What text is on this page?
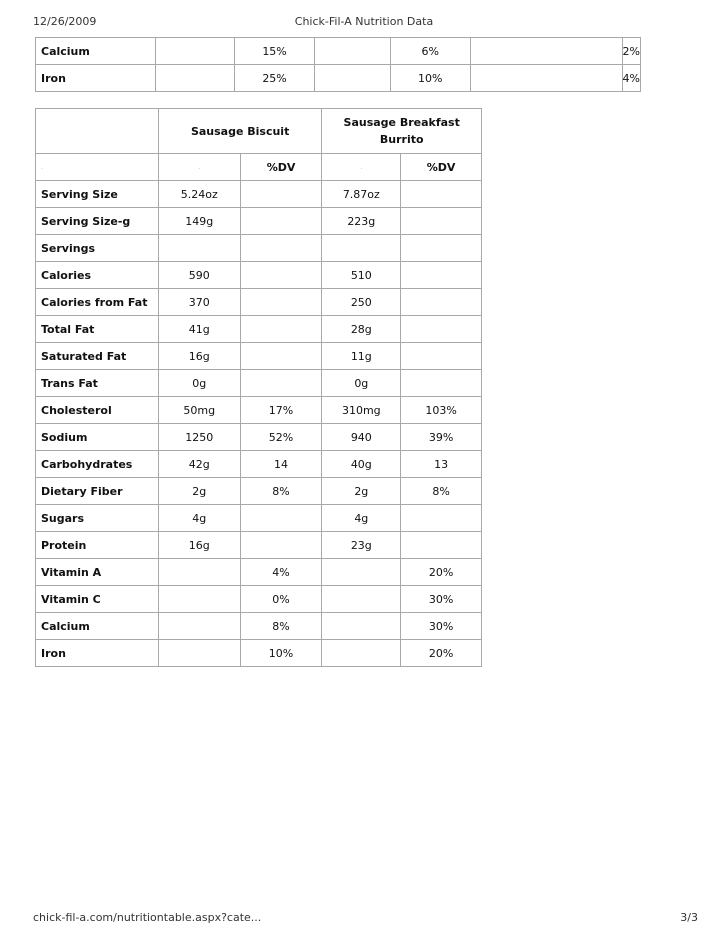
12/26/2009	Chick-Fil-A Nutrition Data
Calcium		15%		6%		2%
Iron		25%		10%		4%
	Sausage Biscuit		Sausage Breakfast Burrito	
.	.	%DV	.	%DV
Serving Size	5.24oz		7.87oz	
Serving Size-g	149g		223g	
Servings				
Calories	590		510	
Calories from Fat	370		250	
Total Fat	41g		28g	
Saturated Fat	16g		11g	
Trans Fat	0g		0g	
Cholesterol	50mg	17%	310mg	103%
Sodium	1250	52%	940	39%
Carbohydrates	42g	14	40g	13
Dietary Fiber	2g	8%	2g	8%
Sugars	4g		4g	
Protein	16g		23g	
Vitamin A		4%		20%
Vitamin C		0%		30%
Calcium		8%		30%
Iron		10%		20%
chick-fil-a.com/nutritiontable.aspx?cate...	3/3
